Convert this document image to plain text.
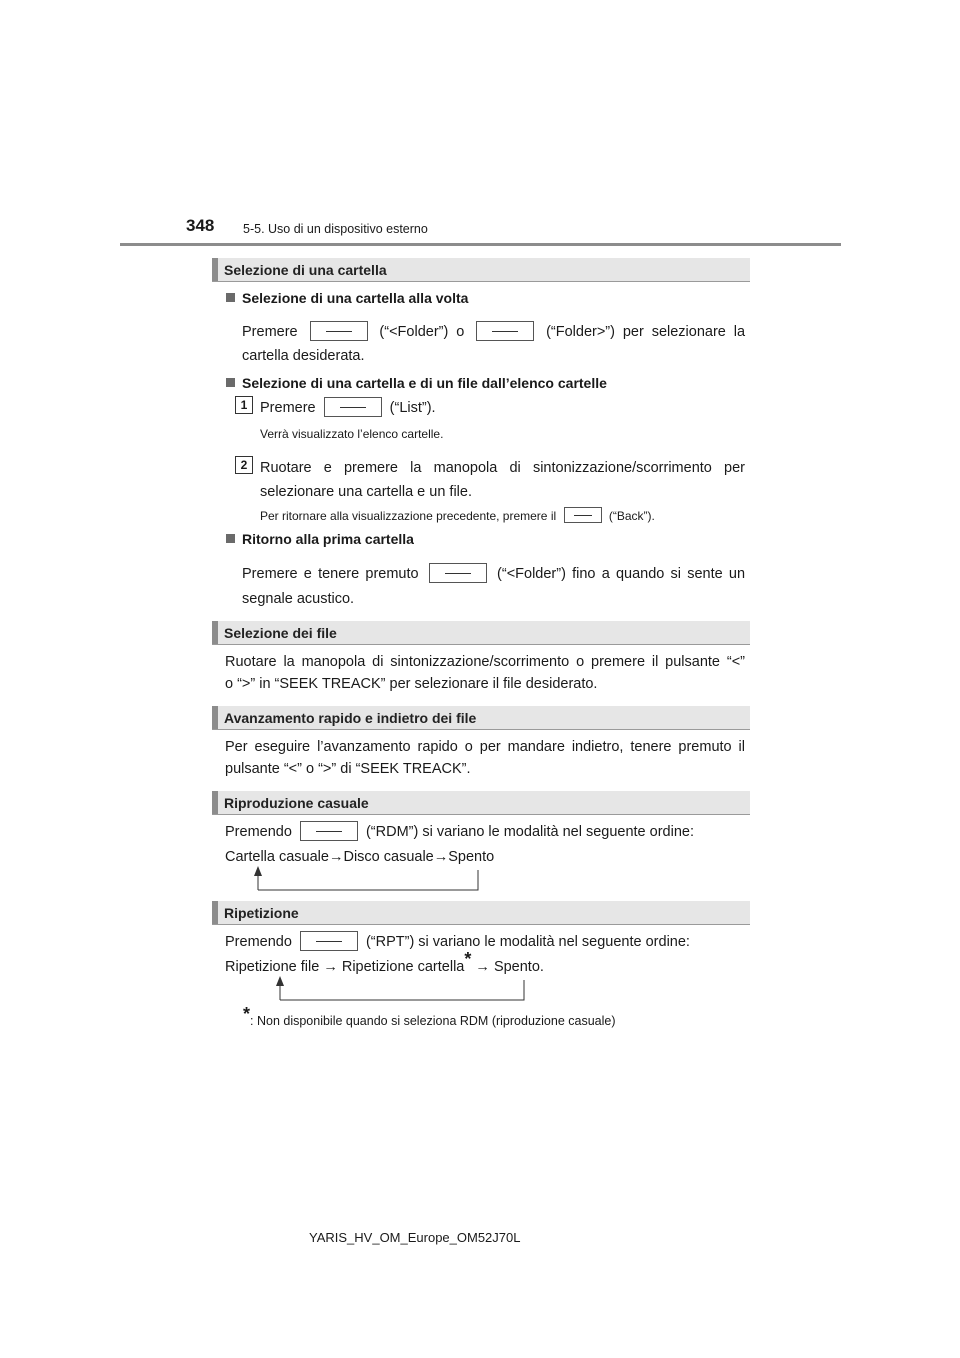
348 5-5. Uso di un dispositivo esterno
Selezione di una cartella
Selezione di una cartella alla volta
Premere	(“<Folder”) o	(“Folder>”) per selezionare la
cartella desiderata.
Selezione di una cartella e di un file dall’elenco cartelle
1 Premere	(“List”).
Verrà visualizzato l’elenco cartelle.
2 Ruotare e premere la manopola di sintonizzazione/scorrimento per
selezionare una cartella e un file.
Per ritornare alla visualizzazione precedente, premere il	(“Back”).
Ritorno alla prima cartella
Premere e tenere premuto	(“<Folder”) fino a quando si sente un
segnale acustico.
Selezione dei file
Ruotare la manopola di sintonizzazione/scorrimento o premere il pulsante “<”
o “>” in “SEEK TREACK” per selezionare il file desiderato.
Avanzamento rapido e indietro dei file
Per eseguire l’avanzamento rapido o per mandare indietro, tenere premuto il
pulsante “<” o “>” di “SEEK TREACK”.
Riproduzione casuale
Premendo	(“RDM”) si variano le modalità nel seguente ordine:
Cartella casuale→Disco casuale→Spento
Ripetizione
Premendo	(“RPT”) si variano le modalità nel seguente ordine:
Ripetizione file → Ripetizione cartella* → Spento.
*: Non disponibile quando si seleziona RDM (riproduzione casuale)
YARIS_HV_OM_Europe_OM52J70L
